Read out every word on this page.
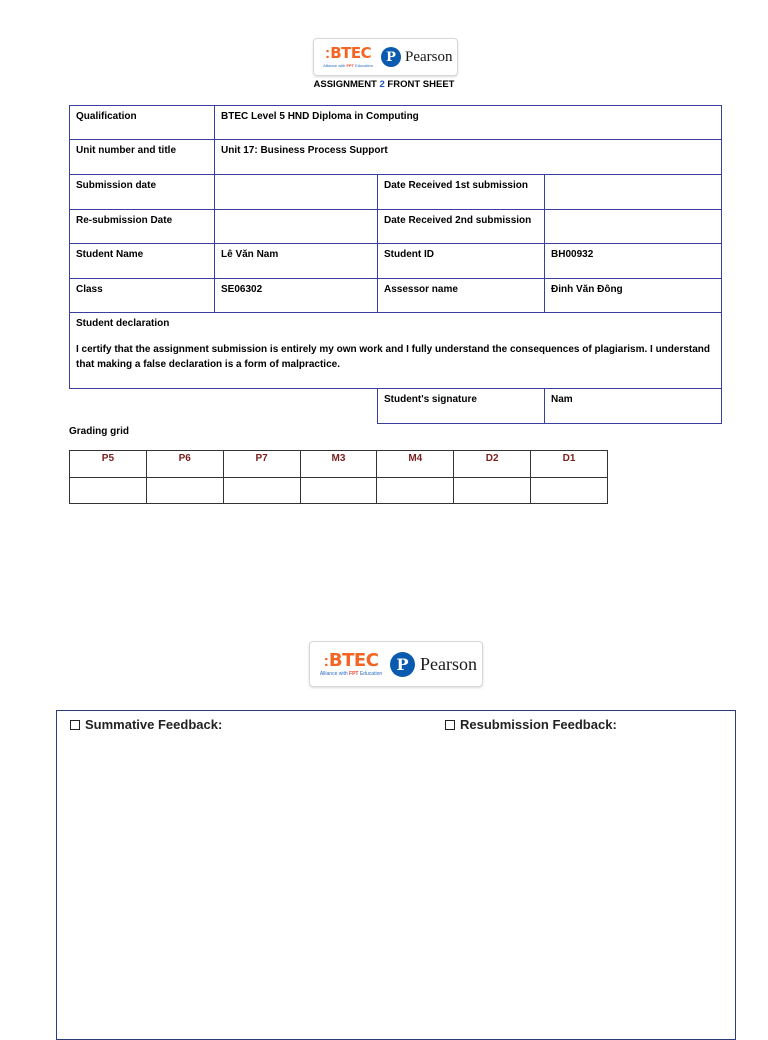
:BTEC
Alliance with FPT Education
P Pearson
ASSIGNMENT 2 FRONT SHEET
Qualification	BTEC Level 5 HND Diploma in Computing		
Unit number and title	Unit 17: Business Process Support		
Submission date		Date Received 1st submission	
Re-submission Date		Date Received 2nd submission	
Student Name	Lê Văn Nam	Student ID	BH00932
Class	SE06302	Assessor name	Đinh Văn Đông

Student declaration
I certify that the assignment submission is entirely my own work and I fully understand the consequences of plagiarism. I understand that making a false declaration is a form of malpractice.			

		Student's signature	Nam
Grading grid
P5	P6	P7	M3	M4	D2	D1

:BTEC
Alliance with FPT Education P Pearson
Summative Feedback:	Resubmission Feedback:
